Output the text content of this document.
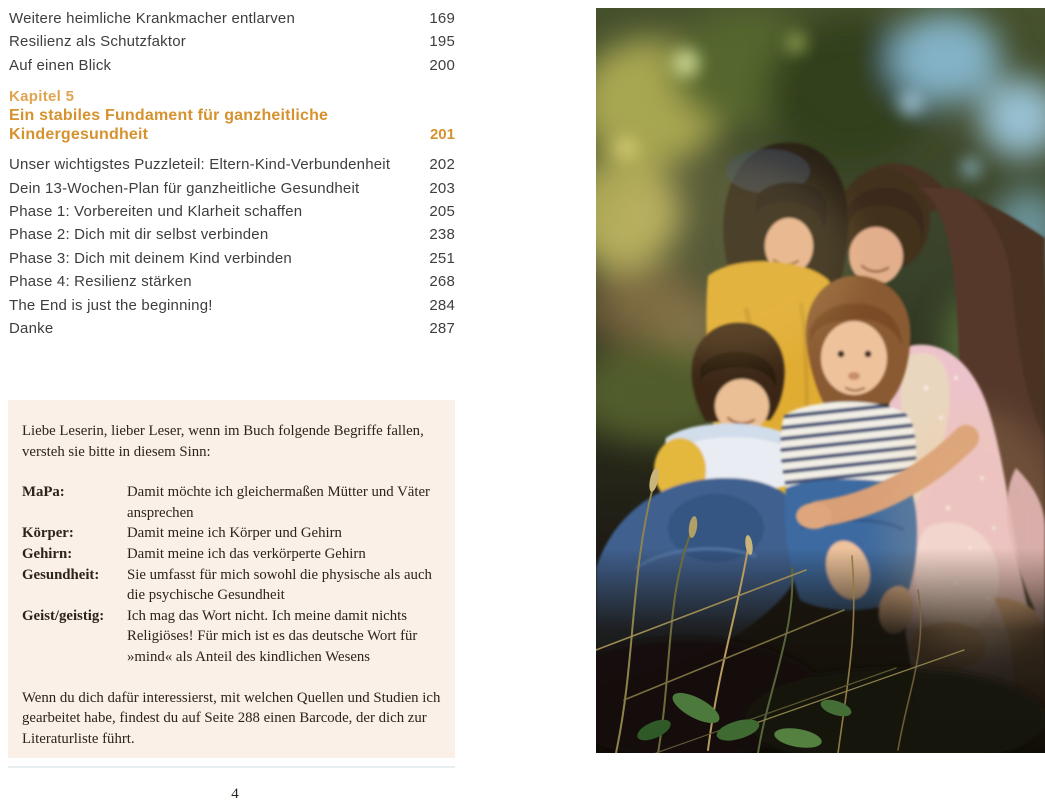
Weitere heimliche Krankmacher entlarven	169
Resilienz als Schutzfaktor	195
Auf einen Blick	200
Kapitel 5
Ein stabiles Fundament für ganzheitliche Kindergesundheit	201
Unser wichtigstes Puzzleteil: Eltern-Kind-Verbundenheit	202
Dein 13-Wochen-Plan für ganzheitliche Gesundheit	203
Phase 1: Vorbereiten und Klarheit schaffen	205
Phase 2: Dich mit dir selbst verbinden	238
Phase 3: Dich mit deinem Kind verbinden	251
Phase 4: Resilienz stärken	268
The End is just the beginning!	284
Danke	287

Liebe Leserin, lieber Leser, wenn im Buch folgende Begriffe fallen, versteh sie bitte in diesem Sinn:

MaPa:	Damit möchte ich gleichermaßen Mütter und Väter ansprechen
Körper:	Damit meine ich Körper und Gehirn
Gehirn:	Damit meine ich das verkörperte Gehirn
Gesundheit:	Sie umfasst für mich sowohl die physische als auch die psychische Gesundheit
Geist/geistig:	Ich mag das Wort nicht. Ich meine damit nichts Religiöses! Für mich ist es das deutsche Wort für »mind« als Anteil des kindlichen Wesens

Wenn du dich dafür interessierst, mit welchen Quellen und Studien ich gearbeitet habe, findest du auf Seite 288 einen Barcode, der dich zur Literaturliste führt.

4
